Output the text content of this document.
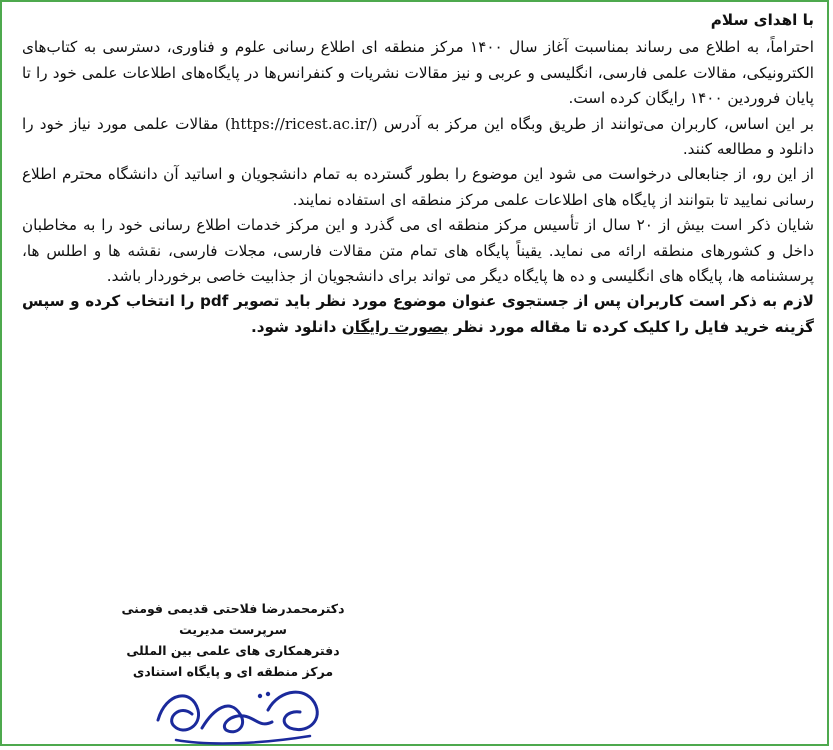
با اهدای سلام

احتراماً، به اطلاع می رساند بمناسبت آغاز سال ۱۴۰۰ مرکز منطقه ای اطلاع رسانی علوم و فناوری، دسترسی به کتاب‌های الکترونیکی، مقالات علمی فارسی، انگلیسی و عربی و نیز مقالات نشریات و کنفرانس‌ها در پایگاه‌های اطلاعات علمی خود را تا پایان فروردین ۱۴۰۰ رایگان کرده است.

بر این اساس، کاربران می‌توانند از طریق وبگاه این مرکز به آدرس (https://ricest.ac.ir/) مقالات علمی مورد نیاز خود را دانلود و مطالعه کنند.

از این رو، از جنابعالی درخواست می شود این موضوع را بطور گسترده به تمام دانشجویان و اساتید آن دانشگاه محترم اطلاع رسانی نمایید تا بتوانند از پایگاه های اطلاعات علمی مرکز منطقه ای استفاده نمایند.

شایان ذکر است بیش از ۲۰ سال از تأسیس مرکز منطقه ای می گذرد و این مرکز خدمات اطلاع رسانی خود را به مخاطبان داخل و کشورهای منطقه ارائه می نماید. یقیناً پایگاه های تمام متن مقالات فارسی، مجلات فارسی، نقشه ها و اطلس ها، پرسشنامه ها، پایگاه های انگلیسی و ده ها پایگاه دیگر می تواند برای دانشجویان از جذابیت خاصی برخوردار باشد.

لازم به ذکر است کاربران پس از جستجوی عنوان موضوع مورد نظر باید تصویر pdf را انتخاب کرده و سپس گزینه خرید فایل را کلیک کرده تا مقاله مورد نظر بصورت رایگان دانلود شود.

دکترمحمدرضا فلاحتی قدیمی فومنی

سرپرست مدیریت

دفترهمکاری های علمی بین المللی

مرکز منطقه ای و پایگاه استنادی
